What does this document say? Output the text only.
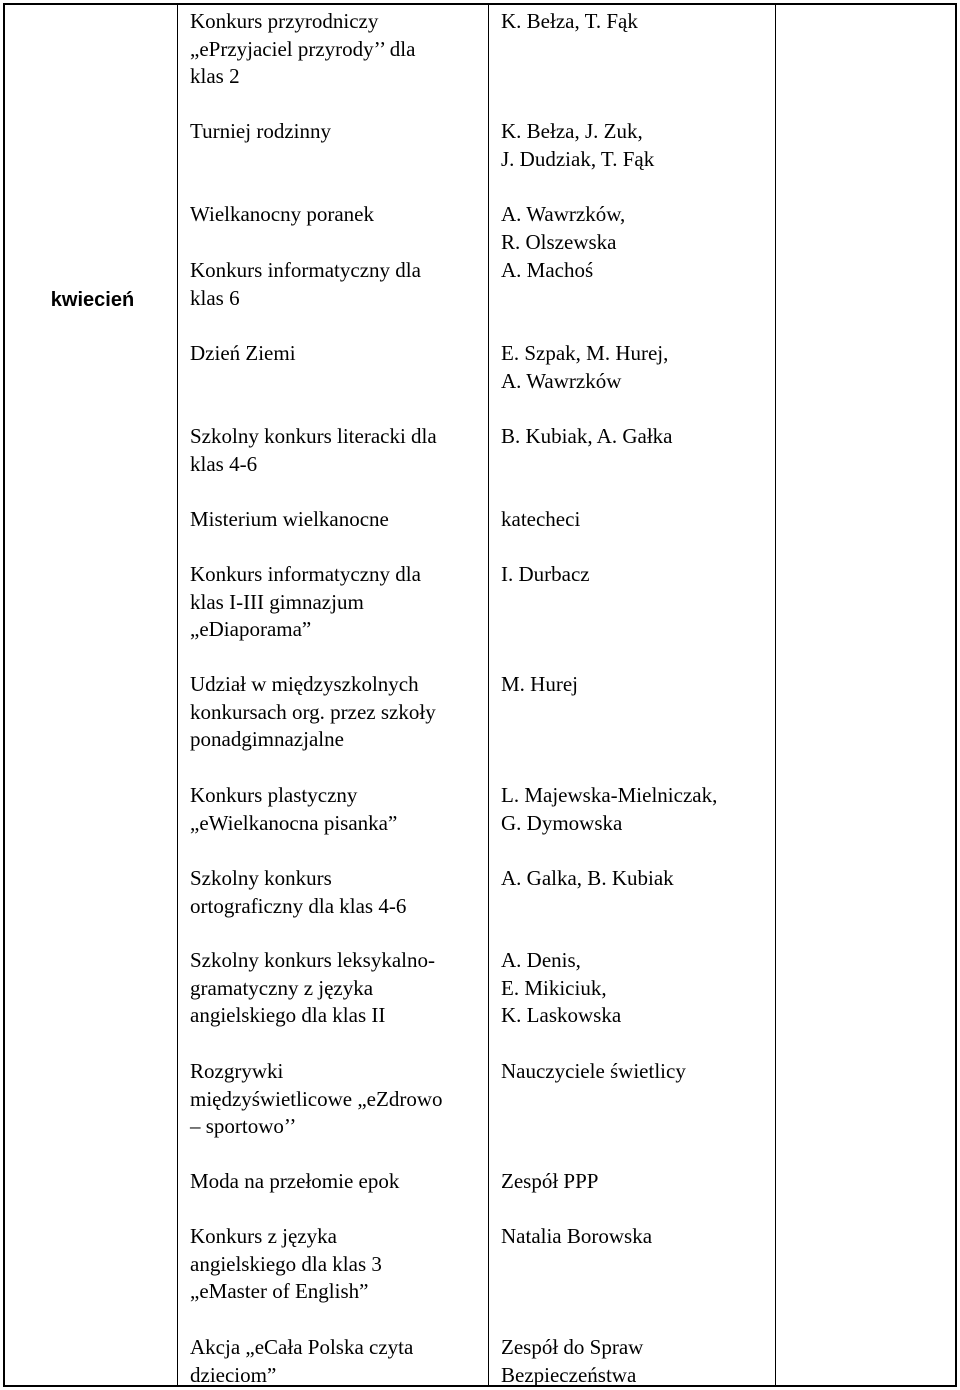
kwiecień

Konkurs przyrodniczy
„ePrzyjaciel przyrody’’ dla
klas 2

Turniej rodzinny

Wielkanocny poranek

Konkurs informatyczny dla
klas 6

Dzień Ziemi

Szkolny konkurs literacki dla
klas 4-6

Misterium wielkanocne

Konkurs informatyczny dla
klas I-III gimnazjum
„eDiaporama”

Udział w międzyszkolnych
konkursach org. przez szkoły
ponadgimnazjalne

Konkurs plastyczny
„eWielkanocna pisanka”

Szkolny konkurs
ortograficzny dla klas 4-6

Szkolny konkurs leksykalno-
gramatyczny z języka
angielskiego dla klas II

Rozgrywki
międzyświetlicowe „eZdrowo
– sportowo’’

Moda na przełomie epok

Konkurs z języka
angielskiego dla klas 3
„eMaster of English”

Akcja „eCała Polska czyta
dzieciom”

K. Bełza, T. Fąk

K. Bełza, J. Zuk,
J. Dudziak, T. Fąk

A. Wawrzków,
R. Olszewska

A. Machoś

E. Szpak, M. Hurej,
A. Wawrzków

B. Kubiak, A. Gałka

katecheci

I. Durbacz

M. Hurej

L. Majewska-Mielniczak,
G. Dymowska

A. Galka, B. Kubiak

A. Denis,
E. Mikiciuk,
K. Laskowska

Nauczyciele świetlicy

Zespół PPP

Natalia Borowska

Zespół do Spraw
Bezpieczeństwa
